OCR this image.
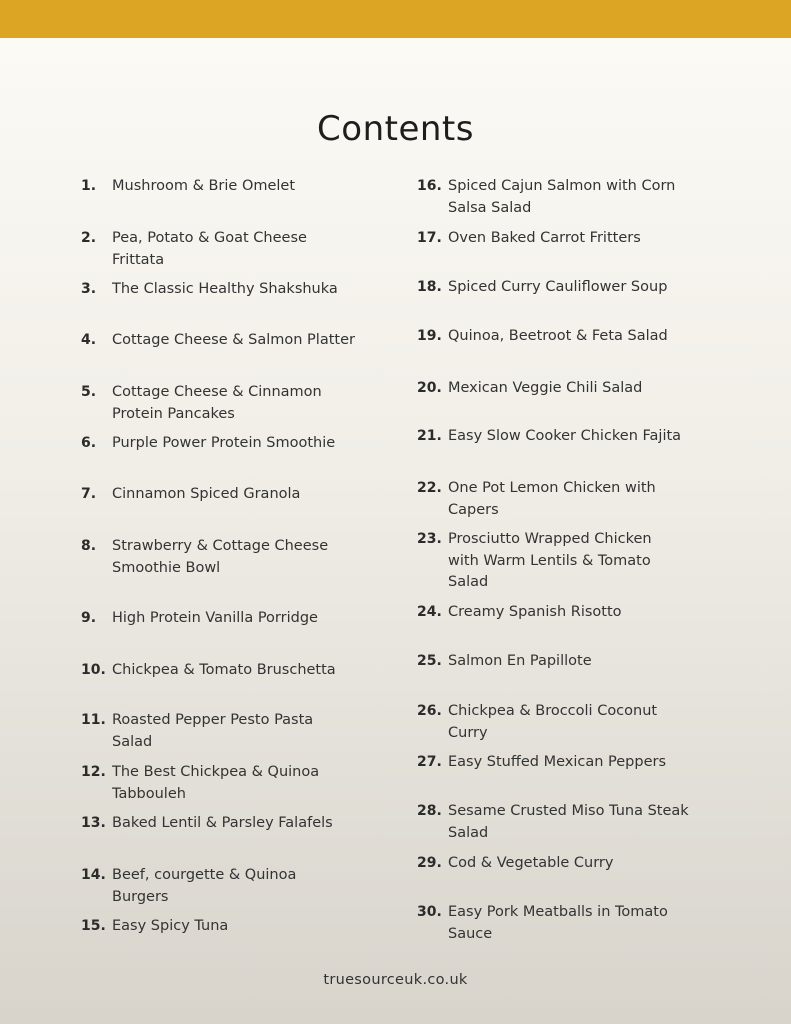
Contents
1. Mushroom & Brie Omelet
2. Pea, Potato & Goat Cheese
Frittata
3. The Classic Healthy Shakshuka
4. Cottage Cheese & Salmon Platter
5. Cottage Cheese & Cinnamon
Protein Pancakes
6. Purple Power Protein Smoothie
7. Cinnamon Spiced Granola
8. Strawberry & Cottage Cheese
Smoothie Bowl
9. High Protein Vanilla Porridge
10. Chickpea & Tomato Bruschetta
11. Roasted Pepper Pesto Pasta
Salad
12. The Best Chickpea & Quinoa
Tabbouleh
13. Baked Lentil & Parsley Falafels
14. Beef, courgette & Quinoa
Burgers
15. Easy Spicy Tuna
16. Spiced Cajun Salmon with Corn
Salsa Salad
17. Oven Baked Carrot Fritters
18. Spiced Curry Cauliflower Soup
19. Quinoa, Beetroot & Feta Salad
20. Mexican Veggie Chili Salad
21. Easy Slow Cooker Chicken Fajita
22. One Pot Lemon Chicken with
Capers
23. Prosciutto Wrapped Chicken
with Warm Lentils & Tomato
Salad
24. Creamy Spanish Risotto
25. Salmon En Papillote
26. Chickpea & Broccoli Coconut
Curry
27. Easy Stuffed Mexican Peppers
28. Sesame Crusted Miso Tuna Steak
Salad
29. Cod & Vegetable Curry
30. Easy Pork Meatballs in Tomato
Sauce
truesourceuk.co.uk
